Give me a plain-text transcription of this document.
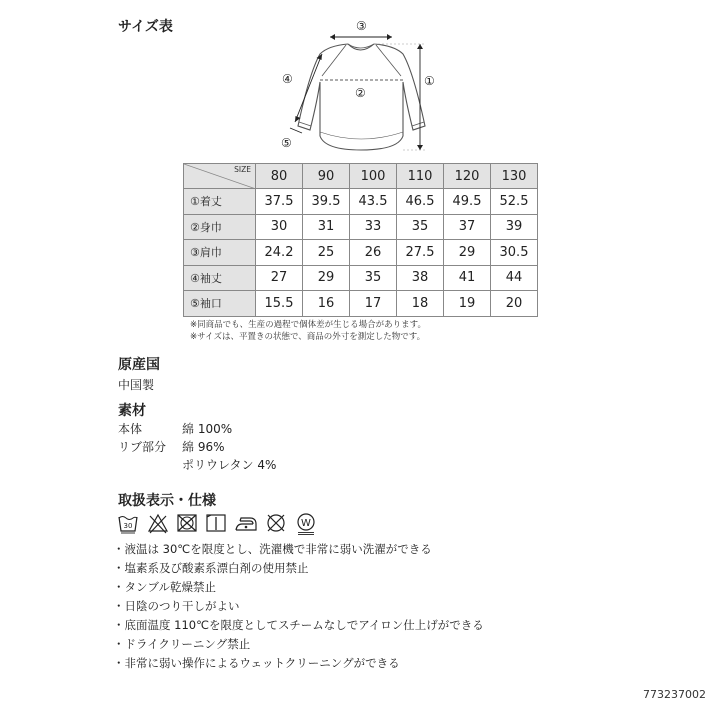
サイズ表	③
②
①
④
⑤
SIZE	80	90	100	110	120	130
①着丈	37.5	39.5	43.5	46.5	49.5	52.5
②身巾	30	31	33	35	37	39
③肩巾	24.2	25	26	27.5	29	30.5
④袖丈	27	29	35	38	41	44
⑤袖口	15.5	16	17	18	19	20
※同商品でも、生産の過程で個体差が生じる場合があります。
※サイズは、平置きの状態で、商品の外寸を測定した物です。
原産国
中国製
素材
本体	綿 100%
リブ部分 綿 96%
ポリウレタン 4%
取扱表示・仕様
30	W
・液温は 30℃を限度とし、洗濯機で非常に弱い洗濯ができる
・塩素系及び酸素系漂白剤の使用禁止
・タンブル乾燥禁止
・日陰のつり干しがよい
・底面温度 110℃を限度としてスチームなしでアイロン仕上げができる
・ドライクリーニング禁止
・非常に弱い操作によるウェットクリーニングができる
773237002
